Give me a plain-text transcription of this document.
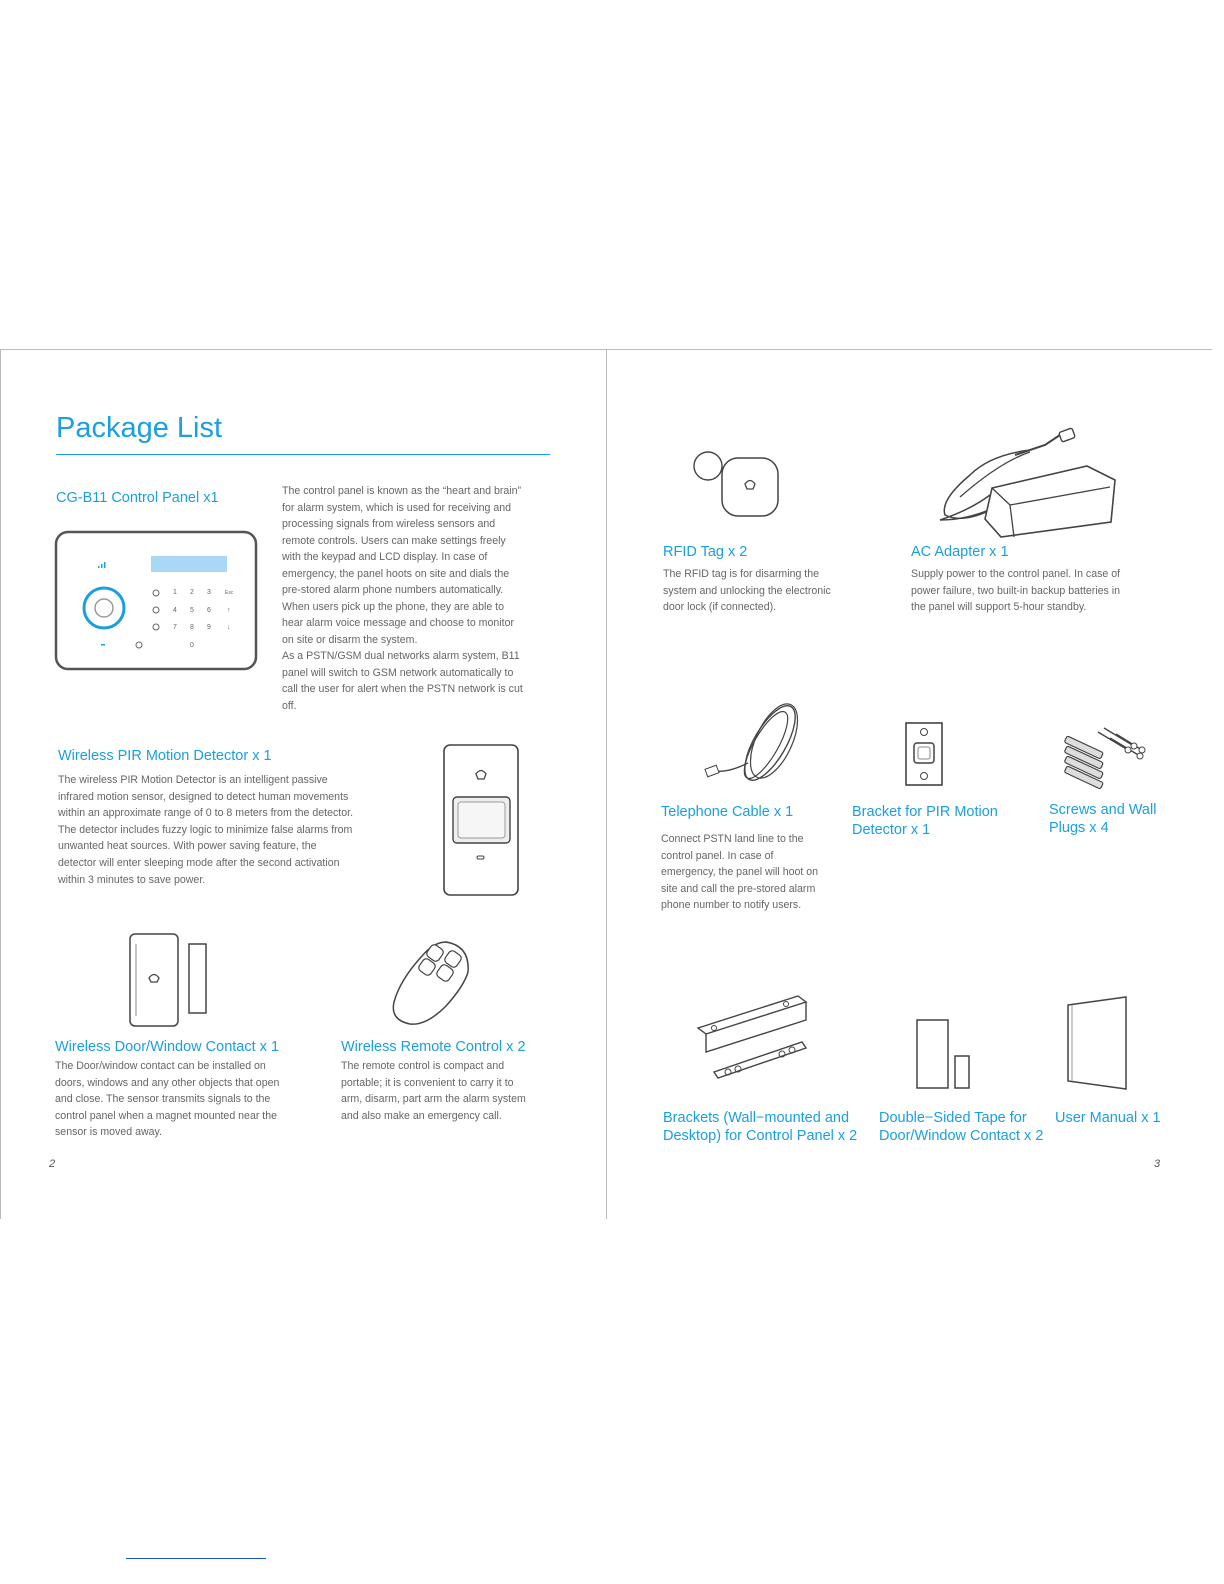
Package List
CG-B11 Control Panel x1	The control panel is known as the “heart and brain”
for alarm system, which is used for receiving and
processing signals from wireless sensors and
remote controls. Users can make settings freely
with the keypad and LCD display. In case of
emergency, the panel hoots on site and dials the
pre-stored alarm phone numbers automatically.
When users pick up the phone, they are able to
hear alarm voice message and choose to monitor
on site or disarm the system.
As a PSTN/GSM dual networks alarm system, B11
panel will switch to GSM network automatically to
call the user for alert when the PSTN network is cut
off.
1 2 3	Esc
4 5 6 ↑
7 8 9 ↓
0
Wireless PIR Motion Detector x 1
The wireless PIR Motion Detector is an intelligent passive
infrared motion sensor, designed to detect human movements
within an approximate range of 0 to 8 meters from the detector.
The detector includes fuzzy logic to minimize false alarms from
unwanted heat sources. With power saving feature, the
detector will enter sleeping mode after the second activation
within 3 minutes to save power.
Wireless Door/Window Contact x 1
The Door/window contact can be installed on
doors, windows and any other objects that open
and close. The sensor transmits signals to the
control panel when a magnet mounted near the
sensor is moved away.
Wireless Remote Control x 2
The remote control is compact and
portable; it is convenient to carry it to
arm, disarm, part arm the alarm system
and also make an emergency call.
2
RFID Tag x 2
The RFID tag is for disarming the
system and unlocking the electronic
door lock (if connected).
AC Adapter x 1
Supply power to the control panel. In case of
power failure, two built-in backup batteries in
the panel will support 5-hour standby.
Telephone Cable x 1
Connect PSTN land line to the
control panel. In case of
emergency, the panel will hoot on
site and call the pre-stored alarm
phone number to notify users.
Bracket for PIR Motion
Detector x 1
Screws and Wall
Plugs x 4
Brackets (Wall−mounted and
Desktop) for Control Panel x 2
Double−Sided Tape for
Door/Window Contact x 2
User Manual x 1
3
